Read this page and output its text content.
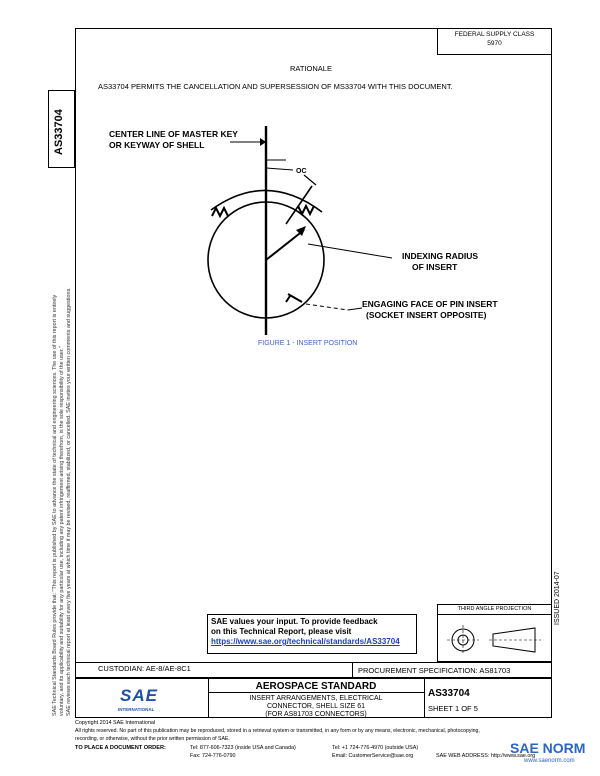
FEDERAL SUPPLY CLASS
5970
AS33704
SAE Technical Standards Board Rules provide that: "This report is published by SAE to advance the state of technical and engineering sciences. The use of this report is entirely voluntary, and its applicability and suitability for any particular use, including any patent infringement arising therefrom, is the sole responsibility of the user." SAE reviews each technical report at least every five years at which time it may be revised, reaffirmed, stabilized, or cancelled. SAE invites your written comments and suggestions.	ISSUED 2014-07
RATIONALE
AS33704 PERMITS THE CANCELLATION AND SUPERSESSION OF MS33704 WITH THIS DOCUMENT.
CENTER LINE OF MASTER KEY
OR KEYWAY OF SHELL
OC
INDEXING RADIUS
OF INSERT
ENGAGING FACE OF PIN INSERT
(SOCKET INSERT OPPOSITE)
FIGURE 1 - INSERT POSITION
SAE values your input. To provide feedback
on this Technical Report, please visit
https://www.sae.org/technical/standards/AS33704
THIRD ANGLE PROJECTION
CUSTODIAN: AE-8/AE-8C1	PROCUREMENT SPECIFICATION: AS81703
SAE
INTERNATIONAL
AEROSPACE STANDARD
INSERT ARRANGEMENTS, ELECTRICAL
CONNECTOR, SHELL SIZE 61
(FOR AS81703 CONNECTORS)
AS33704
SHEET 1 OF 5
Copyright 2014 SAE International
All rights reserved. No part of this publication may be reproduced, stored in a retrieval system or transmitted, in any form or by any means, electronic, mechanical, photocopying,
recording, or otherwise, without the prior written permission of SAE.
TO PLACE A DOCUMENT ORDER:	Tel: 877-606-7323 (inside USA and Canada)
Fax: 724-776-0790
Tel: +1 724-776-4970 (outside USA)
Email: CustomerService@sae.org	SAE WEB ADDRESS: http://www.sae.org
SAE NORM
www.saenorm.com
